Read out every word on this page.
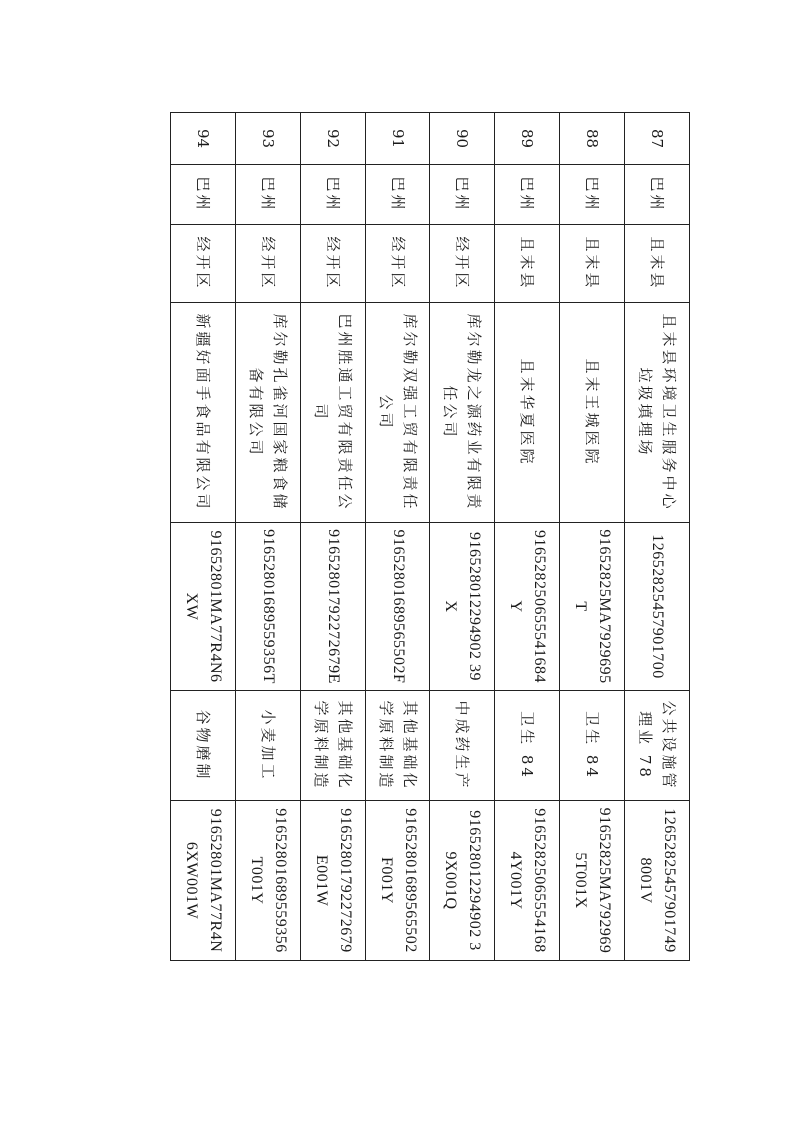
87	巴州	且末县	且末县环境卫生服务中心垃圾填埋场	12652825457901700	公共设施管理业 78	126528254579017498001V
88	巴州	且末县	且末王城医院	91652825MA7929695T	卫生 84	91652825MA792969 5T001X
89	巴州	且末县	且末华夏医院	916528250655541684Y	卫生 84	916528250655541684Y001Y
90	巴州	经开区	库尔勒龙之源药业有限责任公司	916528012294902 39X	中成药生产	916528012294902 39X001Q
91	巴州	经开区	库尔勒双强工贸有限责任公司	91652801689565502F	其他基础化学原料制造	91652801689565502F001Y
92	巴州	经开区	巴州胜通工贸有限责任公司	91652801792272679E	其他基础化学原料制造	91652801792272679E001W
93	巴州	经开区	库尔勒孔雀河国家粮食储备有限公司	91652801689559356T	小麦加工	91652801689559356T001Y
94	巴州	经开区	新疆好面手食品有限公司	91652801MA77R4N6XW	谷物磨制	91652801MA77R4N6XW001W
